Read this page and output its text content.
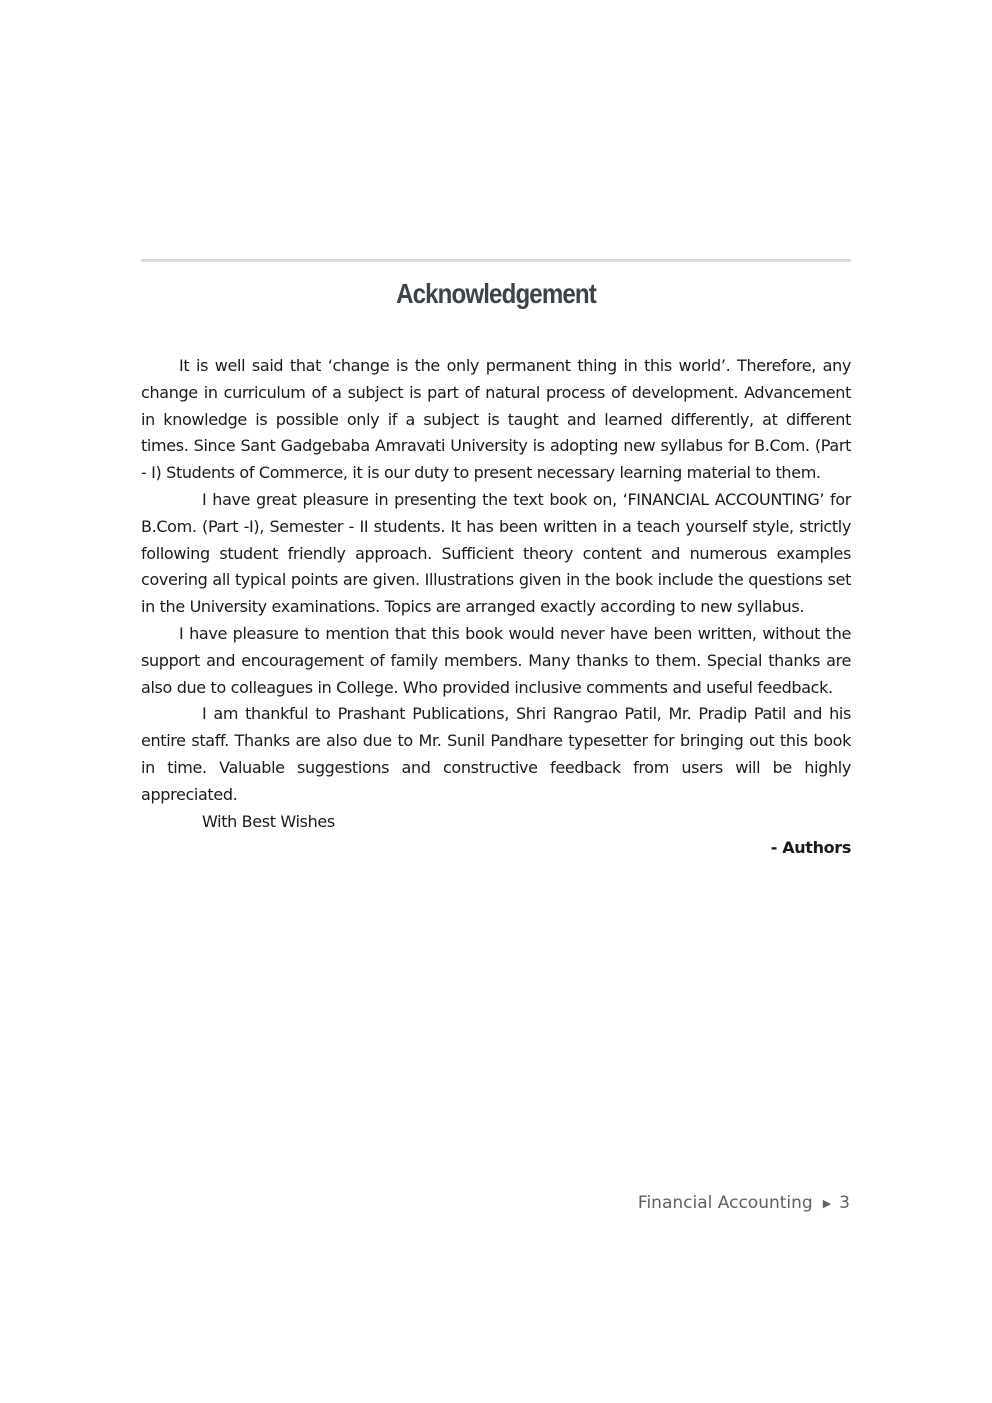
Acknowledgement

It is well said that ‘change is the only permanent thing in this world’. Therefore, any change in curriculum of a subject is part of natural process of development. Advancement in knowledge is possible only if a subject is taught and learned differently, at different times. Since Sant Gadgebaba Amravati University is adopting new syllabus for B.Com. (Part - I) Students of Commerce, it is our duty to present necessary learning material to them.

I have great pleasure in presenting the text book on, ‘FINANCIAL ACCOUNTING’ for B.Com. (Part -I), Semester - II students. It has been written in a teach yourself style, strictly following student friendly approach. Sufficient theory content and numerous examples covering all typical points are given. Illustrations given in the book include the questions set in the University examinations. Topics are arranged exactly according to new syllabus.

I have pleasure to mention that this book would never have been written, without the support and encouragement of family members. Many thanks to them. Special thanks are also due to colleagues in College. Who provided inclusive comments and useful feedback.

I am thankful to Prashant Publications, Shri Rangrao Patil, Mr. Pradip Patil and his entire staff. Thanks are also due to Mr. Sunil Pandhare typesetter for bringing out this book in time. Valuable suggestions and constructive feedback from users will be highly appreciated.

With Best Wishes

- Authors

Financial Accounting ▶ 3
